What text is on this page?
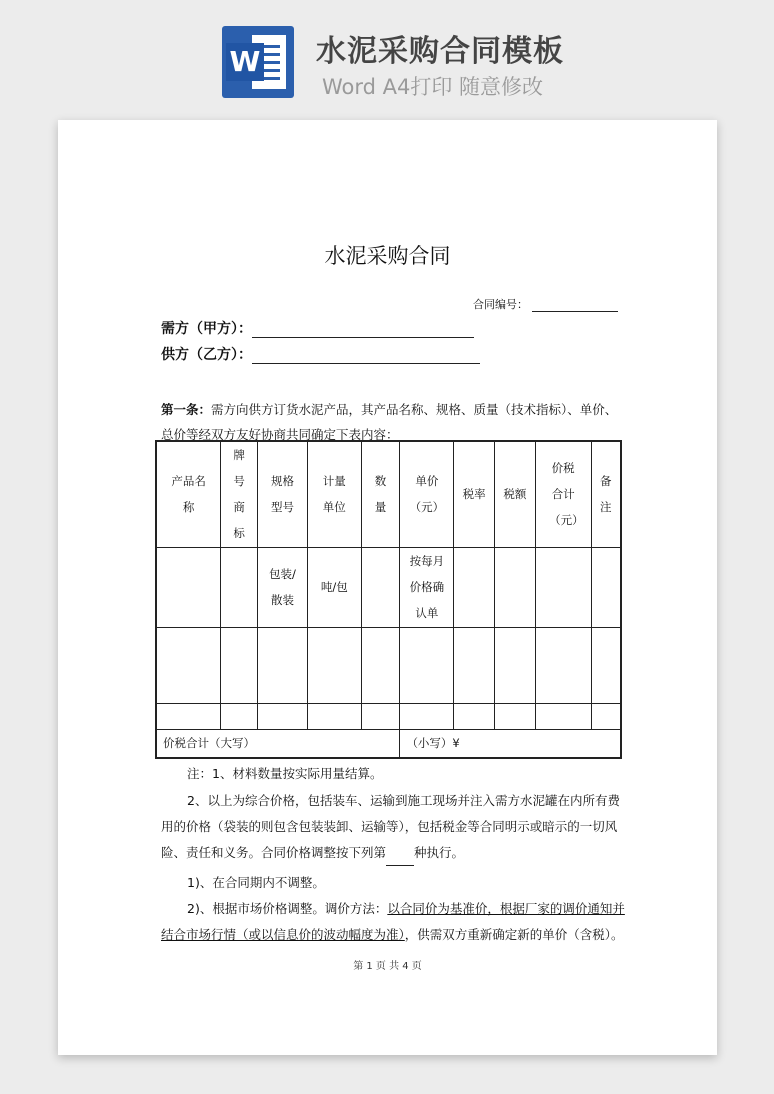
W 水泥采购合同模板
Word A4打印 随意修改
水泥采购合同
合同编号：
需方（甲方）：
供方（乙方）：
第一条：需方向供方订货水泥产品，其产品名称、规格、质量（技术指标）、单价、总价等经双方友好协商共同确定下表内容：
产品名称	牌号商标	规格型号	计量单位	数量	单价（元）	税率	税额	价税合计（元）	备注

		包装/散装	吨/包		按每月价格确认单				

价税合计（大写）					（小写）¥				
注：1、材料数量按实际用量结算。
2、以上为综合价格，包括装车、运输到施工现场并注入需方水泥罐在内所有费用的价格（袋装的则包含包装装卸、运输等），包括税金等合同明示或暗示的一切风险、责任和义务。合同价格调整按下列第 种执行。
1)、在合同期内不调整。
2)、根据市场价格调整。调价方法：以合同价为基准价，根据厂家的调价通知并结合市场行情（或以信息价的波动幅度为准），供需双方重新确定新的单价（含税）。
第 1 页 共 4 页
